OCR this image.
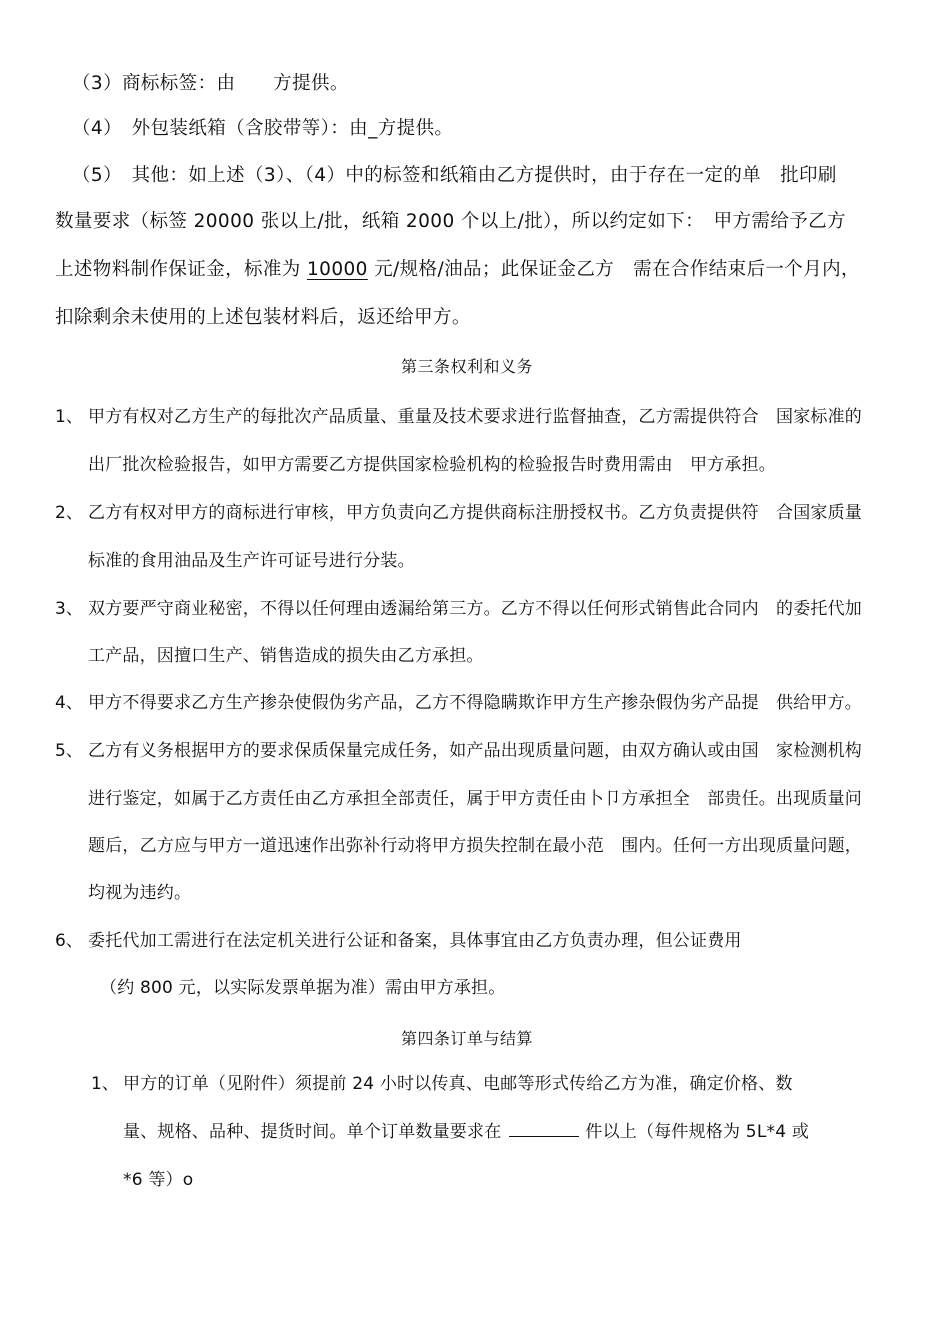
（3）商标标签：由　　方提供。
（4）　外包装纸箱（含胶带等）：由_方提供。
（5）　其他：如上述（3）、（4）中的标签和纸箱由乙方提供时，由于存在一定的单　批印刷
数量要求（标签 20000 张以上/批，纸箱 2000 个以上/批），所以约定如下：　甲方需给予乙方
上述物料制作保证金，标准为 10000 元/规格/油品；此保证金乙方　需在合作结束后一个月内，
扣除剩余未使用的上述包装材料后，返还给甲方。
第三条权利和义务
1、 甲方有权对乙方生产的每批次产品质量、重量及技术要求进行监督抽查，乙方需提供符合　国家标准的
出厂批次检验报告，如甲方需要乙方提供国家检验机构的检验报告时费用需由　甲方承担。
2、 乙方有权对甲方的商标进行审核，甲方负责向乙方提供商标注册授权书。乙方负责提供符　合国家质量
标准的食用油品及生产许可证号进行分装。
3、 双方要严守商业秘密，不得以任何理由透漏给第三方。乙方不得以任何形式销售此合同内　的委托代加
工产品，因擅口生产、销售造成的损失由乙方承担。
4、 甲方不得要求乙方生产掺杂使假伪劣产品，乙方不得隐瞒欺诈甲方生产掺杂假伪劣产品提　供给甲方。
5、 乙方有义务根据甲方的要求保质保量完成任务，如产品出现质量问题，由双方确认或由国　家检测机构
进行鉴定，如属于乙方责任由乙方承担全部责任，属于甲方责任由卜卩方承担全　部贵任。出现质量问
题后，乙方应与甲方一道迅速作出弥补行动将甲方损失控制在最小范　围内。任何一方出现质量问题，
均视为违约。
6、 委托代加工需进行在法定机关进行公证和备案，具体事宜由乙方负责办理，但公证费用
（约 800 元，以实际发票单据为准）需由甲方承担。
第四条订单与结算
1、 甲方的订单（见附件）须提前 24 小时以传真、电邮等形式传给乙方为准，确定价格、数
量、规格、品种、提货时间。单个订单数量要求在	件以上（每件规格为 5L*4 或
*6 等）o
